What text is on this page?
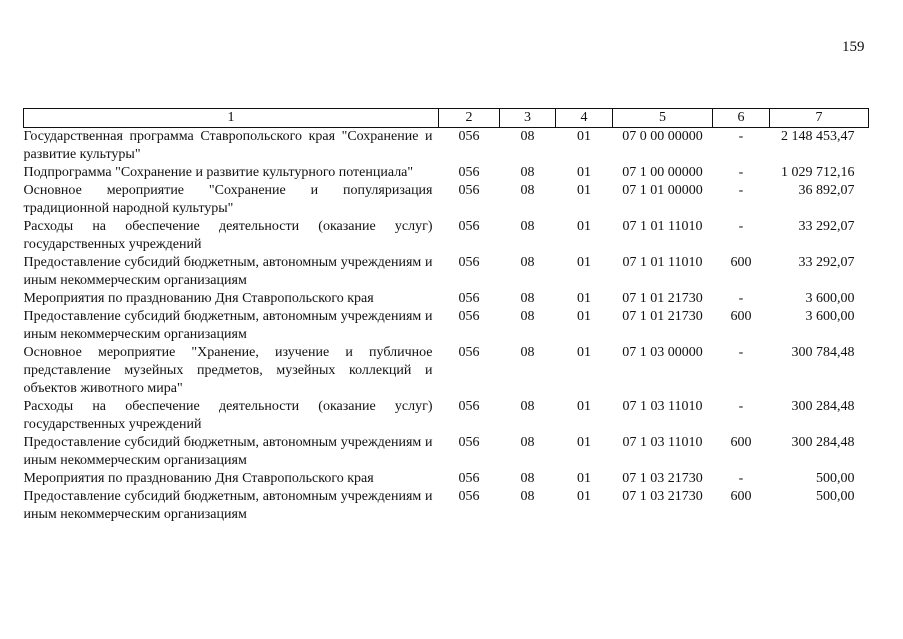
159
1	2	3	4	5	6	7
Государственная программа Ставропольского края "Сохранение и развитие культуры"	056	08	01	07 0 00 00000	-	2 148 453,47
Подпрограмма "Сохранение и развитие культурного потенциала"	056	08	01	07 1 00 00000	-	1 029 712,16
Основное мероприятие "Сохранение и популяризация традиционной народной культуры"	056	08	01	07 1 01 00000	-	36 892,07
Расходы на обеспечение деятельности (оказание услуг) государственных учреждений	056	08	01	07 1 01 11010	-	33 292,07
Предоставление субсидий бюджетным, автономным учреждениям и иным некоммерческим организациям	056	08	01	07 1 01 11010	600	33 292,07
Мероприятия по празднованию Дня Ставропольского края	056	08	01	07 1 01 21730	-	3 600,00
Предоставление субсидий бюджетным, автономным учреждениям и иным некоммерческим организациям	056	08	01	07 1 01 21730	600	3 600,00
Основное мероприятие "Хранение, изучение и публичное представление музейных предметов, музейных коллекций и объектов животного мира"	056	08	01	07 1 03 00000	-	300 784,48
Расходы на обеспечение деятельности (оказание услуг) государственных учреждений	056	08	01	07 1 03 11010	-	300 284,48
Предоставление субсидий бюджетным, автономным учреждениям и иным некоммерческим организациям	056	08	01	07 1 03 11010	600	300 284,48
Мероприятия по празднованию Дня Ставропольского края	056	08	01	07 1 03 21730	-	500,00
Предоставление субсидий бюджетным, автономным учреждениям и иным некоммерческим организациям	056	08	01	07 1 03 21730	600	500,00
